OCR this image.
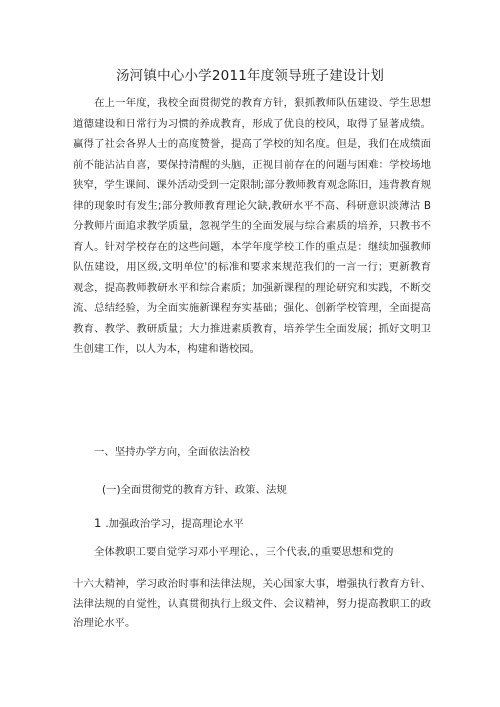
汤河镇中心小学2011年度领导班子建设计划

在上一年度，我校全面贯彻党的教育方针，狠抓教师队伍建设、学生思想道德建设和日常行为习惯的养成教育，形成了优良的校风，取得了显著成绩。赢得了社会各界人士的高度赞誉，提高了学校的知名度。但是，我们在成绩面前不能沾沾自喜，要保持清醒的头脑，正视目前存在的问题与困难：学校场地狭窄，学生课间、课外活动受到一定限制;部分教师教育观念陈旧，违背教育规律的现象时有发生;部分教师教育理论欠缺,教研水平不高、科研意识淡薄沽 B 分教师片面追求教学质量，忽视学生的全面发展与综合素质的培养，只教书不育人。针对学校存在的这些问题，本学年度学校工作的重点是：继续加强教师队伍建设，用区级,文明单位'的标准和要求来规范我们的一言一行；更新教育观念，提高教师教研水平和综合素质；加强新课程的理论研究和实践，不断交流、总结经验，为全面实施新课程夯实基础；强化、创新学校管理，全面提高教育、教学、教研质量；大力推进素质教育，培养学生全面发展；抓好文明卫生创建工作，以人为本，构建和谐校园。

一、坚持办学方向，全面依法治校

(一)全面贯彻党的教育方针、政策、法规

1 .加强政治学习，提高理论水平

全体教职工要自觉学习邓小平理论、，三个代表,的重要思想和党的

十六大精神，学习政治时事和法律法规，关心国家大事，增强执行教育方针、法律法规的自觉性，认真贯彻执行上级文件、会议精神，努力提高教职工的政治理论水平。
